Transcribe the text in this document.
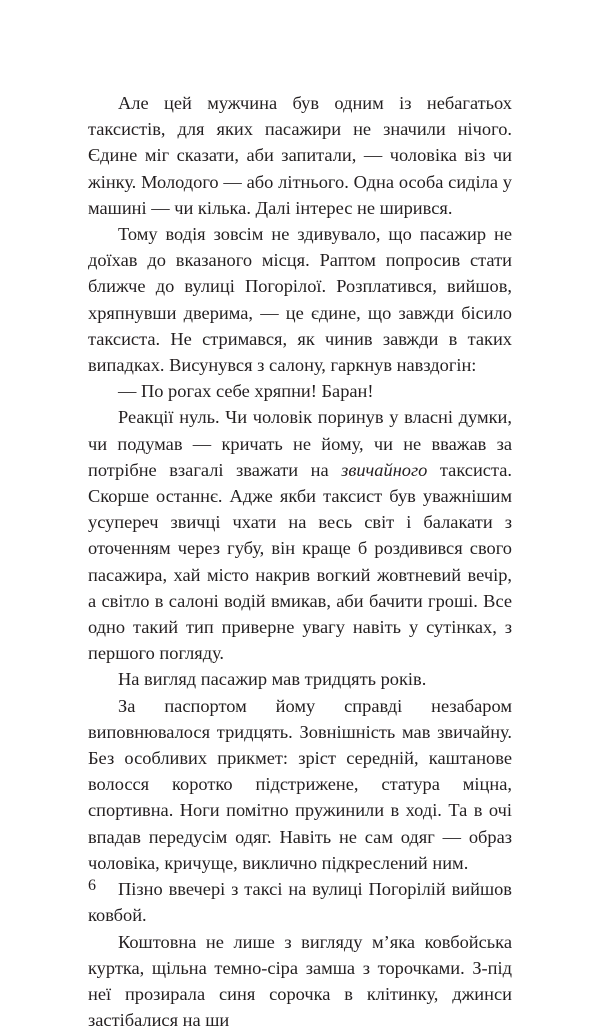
Але цей мужчина був одним із небагатьох таксистів, для яких пасажири не значили нічого. Єдине міг сказати, аби запитали, — чоловіка віз чи жінку. Молодого — або літнього. Одна особа сиділа у машині — чи кілька. Далі інтерес не ширився.

Тому водія зовсім не здивувало, що пасажир не доїхав до вказаного місця. Раптом попросив стати ближче до вулиці Погорілої. Розплатився, вийшов, хряпнувши дверима, — це єдине, що завжди бісило таксиста. Не стримався, як чинив завжди в таких випадках. Висунувся з салону, гаркнув навздогін:

— По рогах себе хряпни! Баран!

Реакції нуль. Чи чоловік поринув у власні думки, чи подумав — кричать не йому, чи не вважав за потрібне взагалі зважати на звичайного таксиста. Скорше останнє. Адже якби таксист був уважнішим усупереч звичці чхати на весь світ і балакати з оточенням через губу, він краще б роздивився свого пасажира, хай місто накрив вогкий жовтневий вечір, а світло в салоні водій вмикав, аби бачити гроші. Все одно такий тип приверне увагу навіть у сутінках, з першого погляду.

На вигляд пасажир мав тридцять років.

За паспортом йому справді незабаром виповнювалося тридцять. Зовнішність мав звичайну. Без особливих прикмет: зріст середній, каштанове волосся коротко підстрижене, статура міцна, спортивна. Ноги помітно пружинили в ході. Та в очі впадав передусім одяг. Навіть не сам одяг — образ чоловіка, кричуще, виклично підкреслений ним.

Пізно ввечері з таксі на вулиці Погорілій вийшов ковбой.

Коштовна не лише з вигляду м’яка ковбойська куртка, щільна темно-сіра замша з торочками. З-під неї прозирала синя сорочка в клітинку, джинси застібалися на ши

6
